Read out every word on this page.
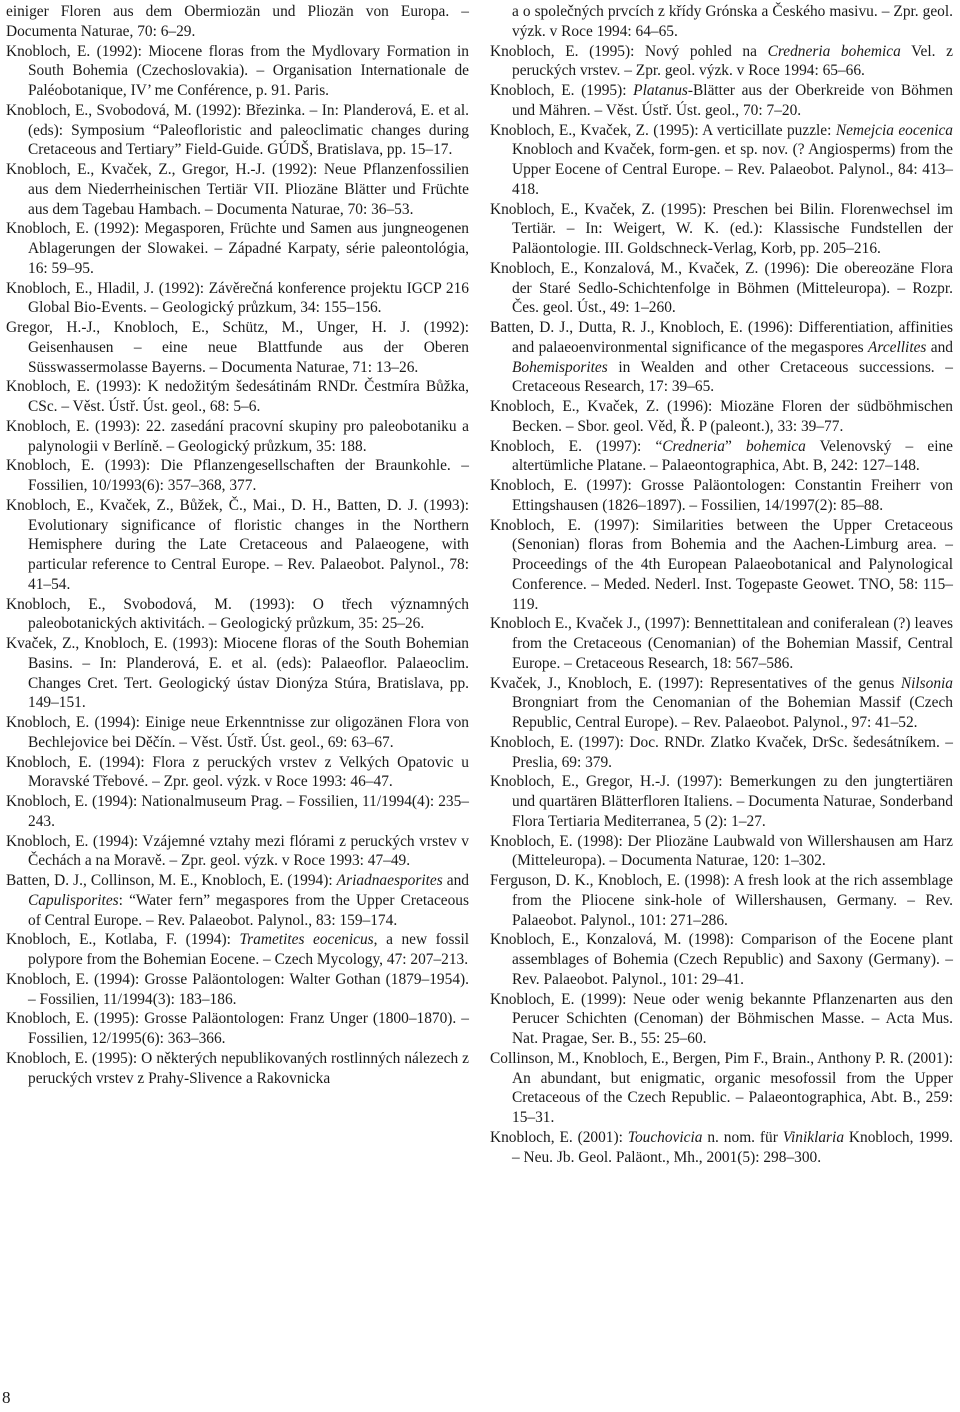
einiger Floren aus dem Obermiozän und Pliozän von Europa. – Documenta Naturae, 70: 6–29.

Knobloch, E. (1992): Miocene floras from the Mydlovary Formation in South Bohemia (Czechoslovakia). – Organisation Internationale de Paléobotanique, IV’ me Conférence, p. 91. Paris.

Knobloch, E., Svobodová, M. (1992): Březinka. – In: Planderová, E. et al. (eds): Symposium “Paleofloristic and paleoclimatic changes during Cretaceous and Tertiary” Field-Guide. GÚDŠ, Bratislava, pp. 15–17.

Knobloch, E., Kvaček, Z., Gregor, H.-J. (1992): Neue Pflanzenfossilien aus dem Niederrheinischen Tertiär VII. Pliozäne Blätter und Früchte aus dem Tagebau Hambach. – Documenta Naturae, 70: 36–53.

Knobloch, E. (1992): Megasporen, Früchte und Samen aus jungneogenen Ablagerungen der Slowakei. – Západné Karpaty, série paleontológia, 16: 59–95.

Knobloch, E., Hladil, J. (1992): Závěrečná konference projektu IGCP 216 Global Bio-Events. – Geologický průzkum, 34: 155–156.

Gregor, H.-J., Knobloch, E., Schütz, M., Unger, H. J. (1992): Geisenhausen – eine neue Blattfunde aus der Oberen Süsswassermolasse Bayerns. – Documenta Naturae, 71: 13–26.

Knobloch, E. (1993): K nedožitým šedesátinám RNDr. Čestmíra Bůžka, CSc. – Věst. Ústř. Úst. geol., 68: 5–6.

Knobloch, E. (1993): 22. zasedání pracovní skupiny pro paleobotaniku a palynologii v Berlíně. – Geologický průzkum, 35: 188.

Knobloch, E. (1993): Die Pflanzengesellschaften der Braunkohle. – Fossilien, 10/1993(6): 357–368, 377.

Knobloch, E., Kvaček, Z., Bůžek, Č., Mai., D. H., Batten, D. J. (1993): Evolutionary significance of floristic changes in the Northern Hemisphere during the Late Cretaceous and Palaeogene, with particular reference to Central Europe. – Rev. Palaeobot. Palynol., 78: 41–54.

Knobloch, E., Svobodová, M. (1993): O třech významných paleobotanických aktivitách. – Geologický průzkum, 35: 25–26.

Kvaček, Z., Knobloch, E. (1993): Miocene floras of the South Bohemian Basins. – In: Planderová, E. et al. (eds): Palaeoflor. Palaeoclim. Changes Cret. Tert. Geologický ústav Dionýza Stúra, Bratislava, pp. 149–151.

Knobloch, E. (1994): Einige neue Erkenntnisse zur oligozänen Flora von Bechlejovice bei Děčín. – Věst. Ústř. Úst. geol., 69: 63–67.

Knobloch, E. (1994): Flora z peruckých vrstev z Velkých Opatovic u Moravské Třebové. – Zpr. geol. výzk. v Roce 1993: 46–47.

Knobloch, E. (1994): Nationalmuseum Prag. – Fossilien, 11/1994(4): 235–243.

Knobloch, E. (1994): Vzájemné vztahy mezi flórami z peruckých vrstev v Čechách a na Moravě. – Zpr. geol. výzk. v Roce 1993: 47–49.

Batten, D. J., Collinson, M. E., Knobloch, E. (1994): Ariadnaesporites and Capulisporites: “Water fern” megaspores from the Upper Cretaceous of Central Europe. – Rev. Palaeobot. Palynol., 83: 159–174.

Knobloch, E., Kotlaba, F. (1994): Trametites eocenicus, a new fossil polypore from the Bohemian Eocene. – Czech Mycology, 47: 207–213.

Knobloch, E. (1994): Grosse Paläontologen: Walter Gothan (1879–1954). – Fossilien, 11/1994(3): 183–186.

Knobloch, E. (1995): Grosse Paläontologen: Franz Unger (1800–1870). – Fossilien, 12/1995(6): 363–366.

Knobloch, E. (1995): O některých nepublikovaných rostlinných nálezech z peruckých vrstev z Prahy-Slivence a Rakovnicka

a o společných prvcích z křídy Grónska a Českého masivu. – Zpr. geol. výzk. v Roce 1994: 64–65.

Knobloch, E. (1995): Nový pohled na Credneria bohemica Vel. z peruckých vrstev. – Zpr. geol. výzk. v Roce 1994: 65–66.

Knobloch, E. (1995): Platanus-Blätter aus der Oberkreide von Böhmen und Mähren. – Věst. Ústř. Úst. geol., 70: 7–20.

Knobloch, E., Kvaček, Z. (1995): A verticillate puzzle: Nemejcia eocenica Knobloch and Kvaček, form-gen. et sp. nov. (? Angiosperms) from the Upper Eocene of Central Europe. – Rev. Palaeobot. Palynol., 84: 413–418.

Knobloch, E., Kvaček, Z. (1995): Preschen bei Bilin. Florenwechsel im Tertiär. – In: Weigert, W. K. (ed.): Klassische Fundstellen der Paläontologie. III. Goldschneck-Verlag, Korb, pp. 205–216.

Knobloch, E., Konzalová, M., Kvaček, Z. (1996): Die obereozäne Flora der Staré Sedlo-Schichtenfolge in Böhmen (Mitteleuropa). – Rozpr. Čes. geol. Úst., 49: 1–260.

Batten, D. J., Dutta, R. J., Knobloch, E. (1996): Differentiation, affinities and palaeoenvironmental significance of the megaspores Arcellites and Bohemisporites in Wealden and other Cretaceous successions. – Cretaceous Research, 17: 39–65.

Knobloch, E., Kvaček, Z. (1996): Miozäne Floren der südböhmischen Becken. – Sbor. geol. Věd, Ř. P (paleont.), 33: 39–77.

Knobloch, E. (1997): “Credneria” bohemica Velenovský – eine altertümliche Platane. – Palaeontographica, Abt. B, 242: 127–148.

Knobloch, E. (1997): Grosse Paläontologen: Constantin Freiherr von Ettingshausen (1826–1897). – Fossilien, 14/1997(2): 85–88.

Knobloch, E. (1997): Similarities between the Upper Cretaceous (Senonian) floras from Bohemia and the Aachen-Limburg area. – Proceedings of the 4th European Palaeobotanical and Palynological Conference. – Meded. Nederl. Inst. Togepaste Geowet. TNO, 58: 115–119.

Knobloch E., Kvaček J., (1997): Bennettitalean and coniferalean (?) leaves from the Cretaceous (Cenomanian) of the Bohemian Massif, Central Europe. – Cretaceous Research, 18: 567–586.

Kvaček, J., Knobloch, E. (1997): Representatives of the genus Nilsonia Brongniart from the Cenomanian of the Bohemian Massif (Czech Republic, Central Europe). – Rev. Palaeobot. Palynol., 97: 41–52.

Knobloch, E. (1997): Doc. RNDr. Zlatko Kvaček, DrSc. šedesátníkem. – Preslia, 69: 379.

Knobloch, E., Gregor, H.-J. (1997): Bemerkungen zu den jungtertiären und quartären Blätterfloren Italiens. – Documenta Naturae, Sonderband Flora Tertiaria Mediterranea, 5 (2): 1–27.

Knobloch, E. (1998): Der Pliozäne Laubwald von Willershausen am Harz (Mitteleuropa). – Documenta Naturae, 120: 1–302.

Ferguson, D. K., Knobloch, E. (1998): A fresh look at the rich assemblage from the Pliocene sink-hole of Willershausen, Germany. – Rev. Palaeobot. Palynol., 101: 271–286.

Knobloch, E., Konzalová, M. (1998): Comparison of the Eocene plant assemblages of Bohemia (Czech Republic) and Saxony (Germany). – Rev. Palaeobot. Palynol., 101: 29–41.

Knobloch, E. (1999): Neue oder wenig bekannte Pflanzenarten aus den Perucer Schichten (Cenoman) der Böhmischen Masse. – Acta Mus. Nat. Pragae, Ser. B., 55: 25–60.

Collinson, M., Knobloch, E., Bergen, Pim F., Brain., Anthony P. R. (2001): An abundant, but enigmatic, organic mesofossil from the Upper Cretaceous of the Czech Republic. – Palaeontographica, Abt. B., 259: 15–31.

Knobloch, E. (2001): Touchovicia n. nom. für Viniklaria Knobloch, 1999. – Neu. Jb. Geol. Paläont., Mh., 2001(5): 298–300.

8
